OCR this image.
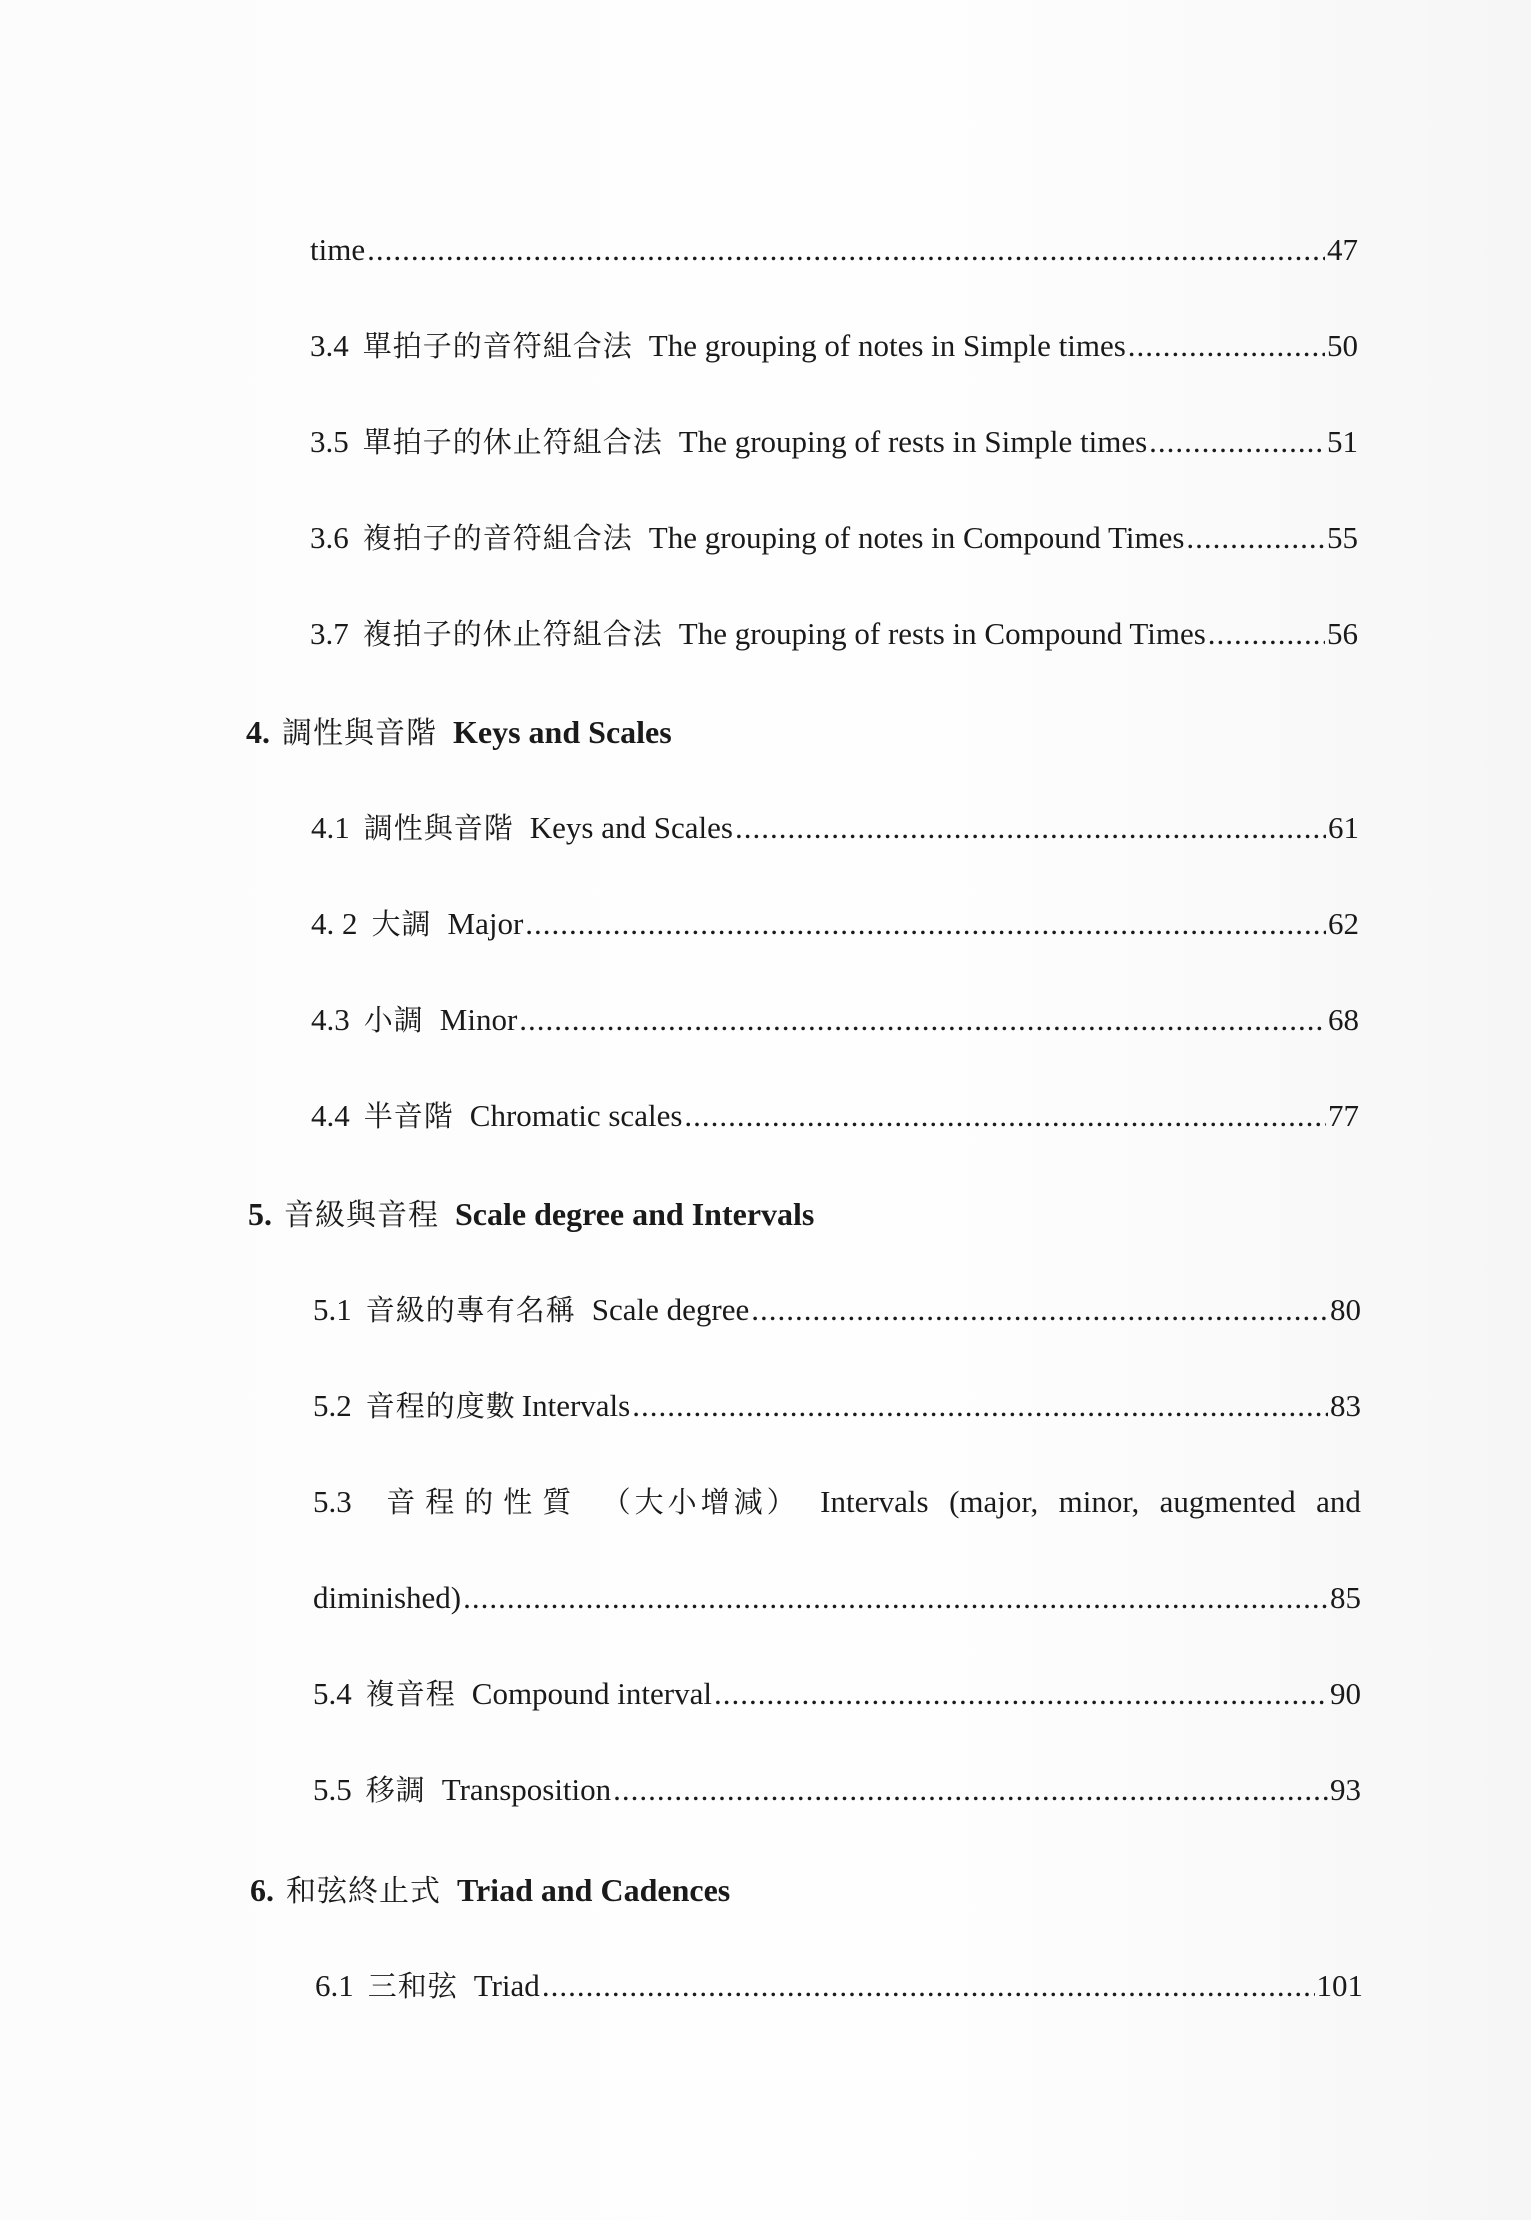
time .....	47
3.4 單拍子的音符組合法 The grouping of notes in Simple times .....	50
3.5 單拍子的休止符組合法 The grouping of rests in Simple times .....	51
3.6 複拍子的音符組合法 The grouping of notes in Compound Times .....	55
3.7 複拍子的休止符組合法 The grouping of rests in Compound Times .....	56
4. 調性與音階 Keys and Scales
4.1 調性與音階 Keys and Scales .....	61
4. 2 大調 Major .....	62
4.3 小調 Minor .....	68
4.4 半音階 Chromatic scales .....	77
5. 音級與音程 Scale degree and Intervals
5.1 音級的專有名稱 Scale degree .....	80
5.2 音程的度數 Intervals .....	83
5.3 音程的性質 （大小增減） Intervals (major, minor, augmented and
diminished) .....	85
5.4 複音程 Compound interval .....	90
5.5 移調 Transposition .....	93
6. 和弦終止式 Triad and Cadences
6.1 三和弦 Triad .....	101
